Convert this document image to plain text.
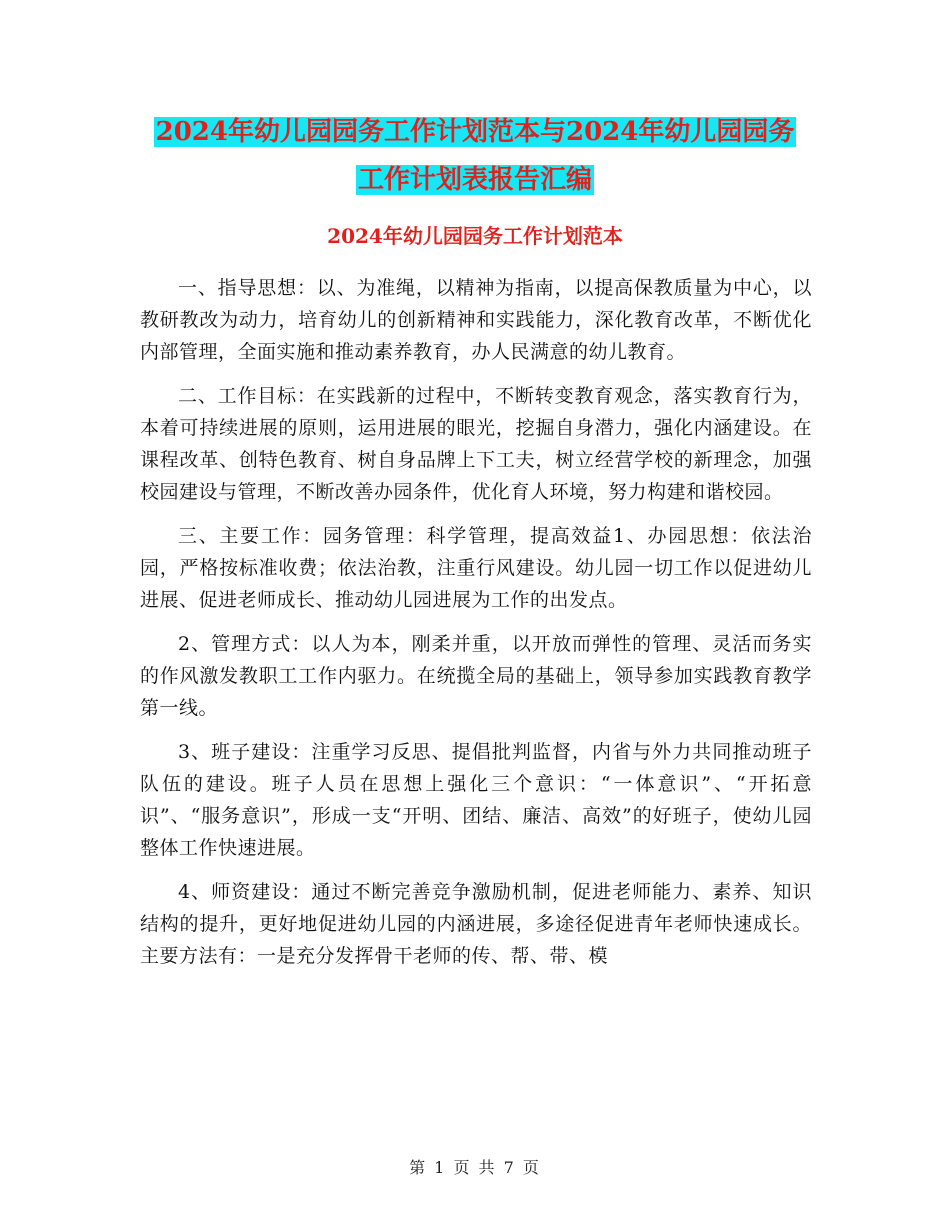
2024年幼儿园园务工作计划范本与2024年幼儿园园务
工作计划表报告汇编
2024年幼儿园园务工作计划范本

一、指导思想：以、为准绳，以精神为指南，以提高保教质量为中心，以教研教改为动力，培育幼儿的创新精神和实践能力，深化教育改革，不断优化内部管理，全面实施和推动素养教育，办人民满意的幼儿教育。

二、工作目标：在实践新的过程中，不断转变教育观念，落实教育行为，本着可持续进展的原则，运用进展的眼光，挖掘自身潜力，强化内涵建设。在课程改革、创特色教育、树自身品牌上下工夫，树立经营学校的新理念，加强校园建设与管理，不断改善办园条件，优化育人环境，努力构建和谐校园。

三、主要工作：园务管理：科学管理，提高效益1、办园思想：依法治园，严格按标准收费；依法治教，注重行风建设。幼儿园一切工作以促进幼儿进展、促进老师成长、推动幼儿园进展为工作的出发点。

2、管理方式：以人为本，刚柔并重，以开放而弹性的管理、灵活而务实的作风激发教职工工作内驱力。在统揽全局的基础上，领导参加实践教育教学第一线。

3、班子建设：注重学习反思、提倡批判监督，内省与外力共同推动班子队伍的建设。班子人员在思想上强化三个意识：“一体意识”、“开拓意识”、“服务意识”，形成一支“开明、团结、廉洁、高效”的好班子，使幼儿园整体工作快速进展。

4、师资建设：通过不断完善竞争激励机制，促进老师能力、素养、知识结构的提升，更好地促进幼儿园的内涵进展，多途径促进青年老师快速成长。主要方法有：一是充分发挥骨干老师的传、帮、带、模

第 1 页 共 7 页
